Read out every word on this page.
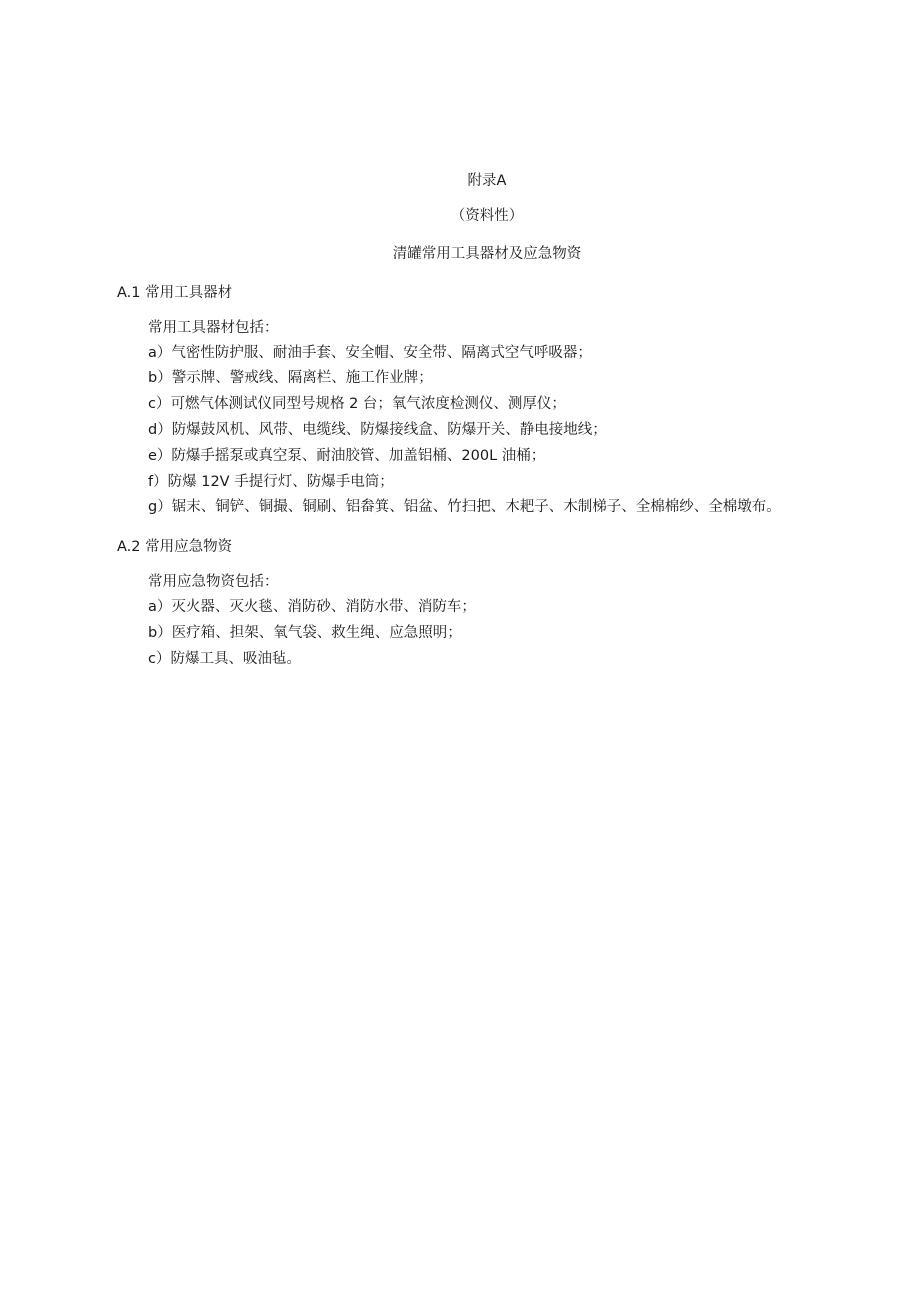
附录A
（资料性）
清罐常用工具器材及应急物资
A.1 常用工具器材
常用工具器材包括：
a）气密性防护服、耐油手套、安全帽、安全带、隔离式空气呼吸器；
b）警示牌、警戒线、隔离栏、施工作业牌；
c）可燃气体测试仪同型号规格 2 台；氧气浓度检测仪、测厚仪；
d）防爆鼓风机、风带、电缆线、防爆接线盒、防爆开关、静电接地线；
e）防爆手摇泵或真空泵、耐油胶管、加盖铝桶、200L 油桶；
f）防爆 12V 手提行灯、防爆手电筒；
g）锯末、铜铲、铜撮、铜刷、铝畚箕、铝盆、竹扫把、木耙子、木制梯子、全棉棉纱、全棉墩布。
A.2 常用应急物资
常用应急物资包括：
a）灭火器、灭火毯、消防砂、消防水带、消防车；
b）医疗箱、担架、氧气袋、救生绳、应急照明；
c）防爆工具、吸油毡。
